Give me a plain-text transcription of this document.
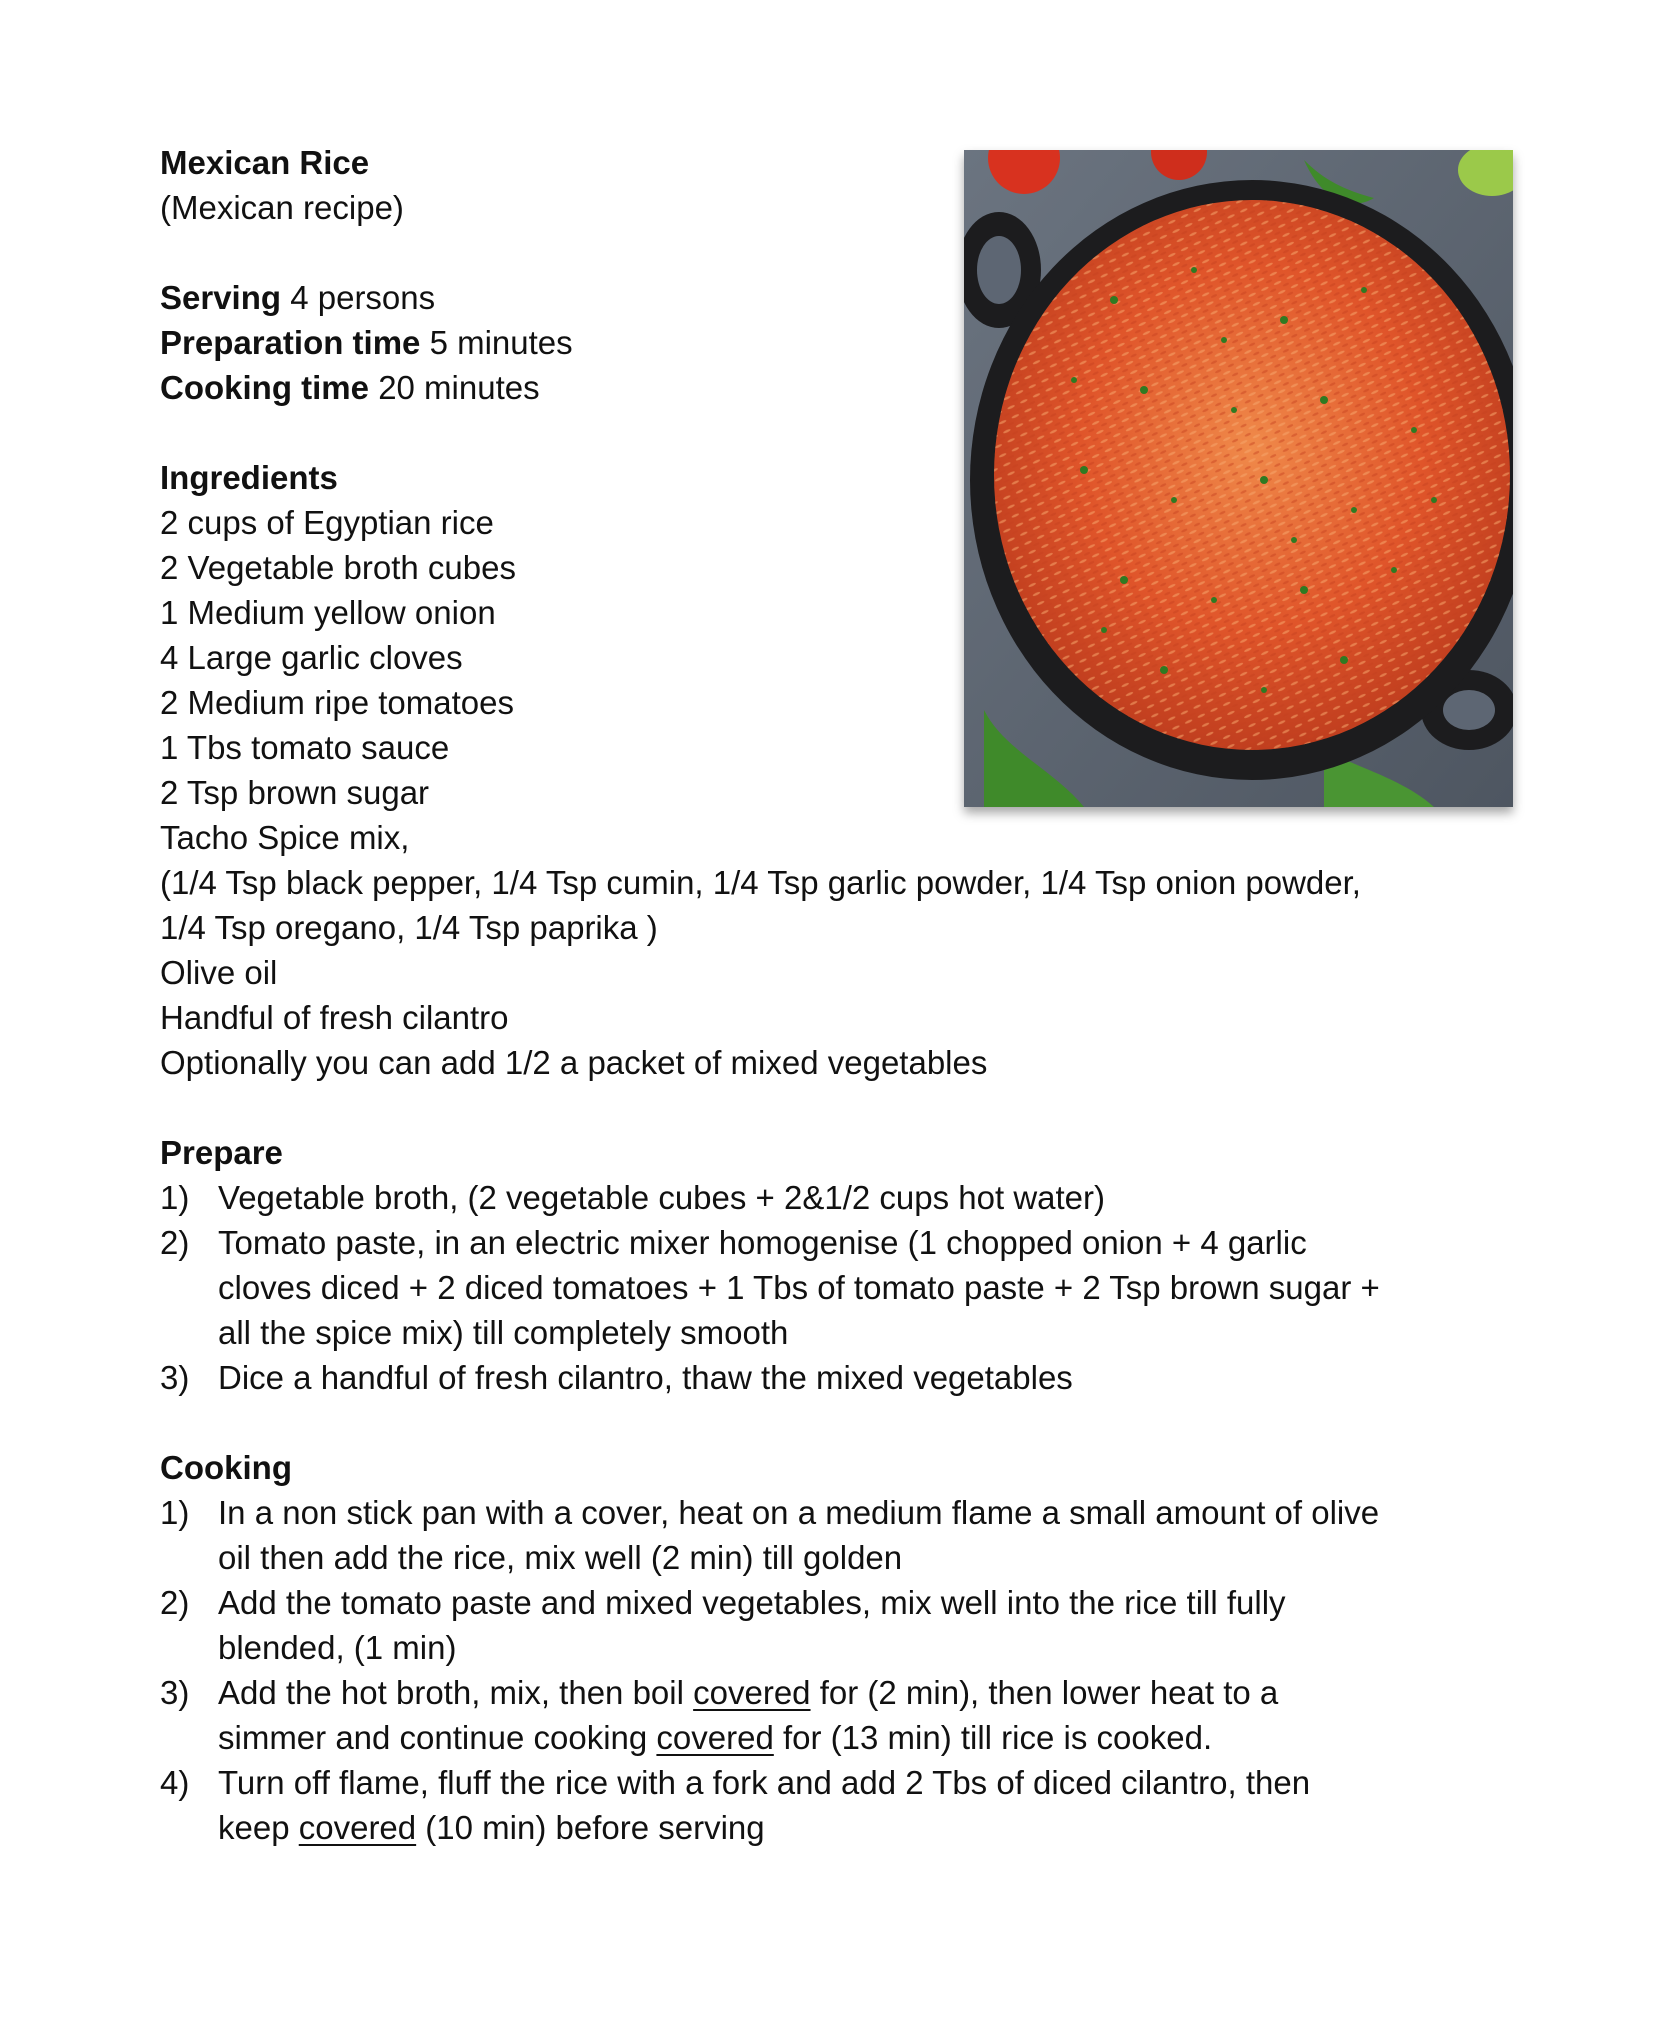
Mexican Rice
(Mexican recipe)
Serving 4 persons
Preparation time 5 minutes
Cooking time 20 minutes
Ingredients
2 cups of Egyptian rice
2 Vegetable broth cubes
1 Medium yellow onion
4 Large garlic cloves
2 Medium ripe tomatoes
1 Tbs tomato sauce
2 Tsp brown sugar
Tacho Spice mix,
(1/4 Tsp black pepper, 1/4 Tsp cumin, 1/4 Tsp garlic powder, 1/4 Tsp onion powder,
1/4 Tsp oregano, 1/4 Tsp paprika )
Olive oil
Handful of fresh cilantro
Optionally you can add 1/2 a packet of mixed vegetables
Prepare
1) Vegetable broth, (2 vegetable cubes + 2&1/2 cups hot water)
2) Tomato paste, in an electric mixer homogenise (1 chopped onion + 4 garlic
cloves diced + 2 diced tomatoes + 1 Tbs of tomato paste + 2 Tsp brown sugar +
all the spice mix) till completely smooth
3) Dice a handful of fresh cilantro, thaw the mixed vegetables
Cooking
1) In a non stick pan with a cover, heat on a medium flame a small amount of olive
oil then add the rice, mix well (2 min) till golden
2) Add the tomato paste and mixed vegetables, mix well into the rice till fully
blended, (1 min)
3) Add the hot broth, mix, then boil covered for (2 min), then lower heat to a
simmer and continue cooking covered for (13 min) till rice is cooked.
4) Turn off flame, fluff the rice with a fork and add 2 Tbs of diced cilantro, then
keep covered (10 min) before serving
